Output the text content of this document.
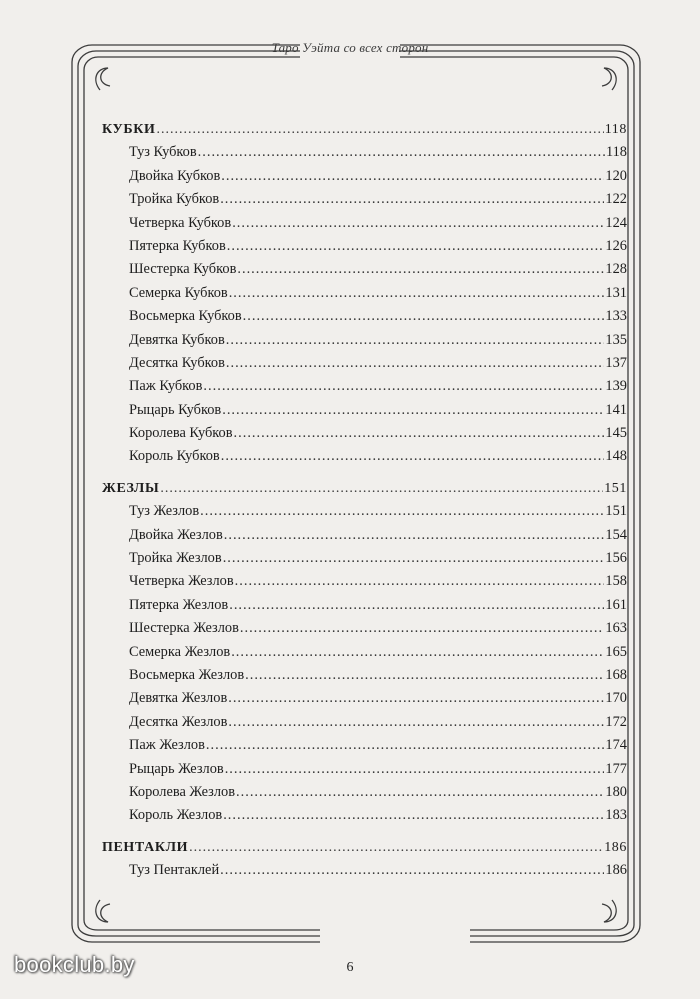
Таро Уэйта со всех сторон
КУБКИ .....	118
Туз Кубков .....	118
Двойка Кубков .....	120
Тройка Кубков .....	122
Четверка Кубков .....	124
Пятерка Кубков .....	126
Шестерка Кубков .....	128
Семерка Кубков .....	131
Восьмерка Кубков .....	133
Девятка Кубков .....	135
Десятка Кубков .....	137
Паж Кубков .....	139
Рыцарь Кубков .....	141
Королева Кубков .....	145
Король Кубков .....	148
ЖЕЗЛЫ .....	151
Туз Жезлов .....	151
Двойка Жезлов .....	154
Тройка Жезлов .....	156
Четверка Жезлов .....	158
Пятерка Жезлов .....	161
Шестерка Жезлов .....	163
Семерка Жезлов .....	165
Восьмерка Жезлов .....	168
Девятка Жезлов .....	170
Десятка Жезлов .....	172
Паж Жезлов .....	174
Рыцарь Жезлов .....	177
Королева Жезлов .....	180
Король Жезлов .....	183
ПЕНТАКЛИ .....	186
Туз Пентаклей .....	186
6
bookclub.by
